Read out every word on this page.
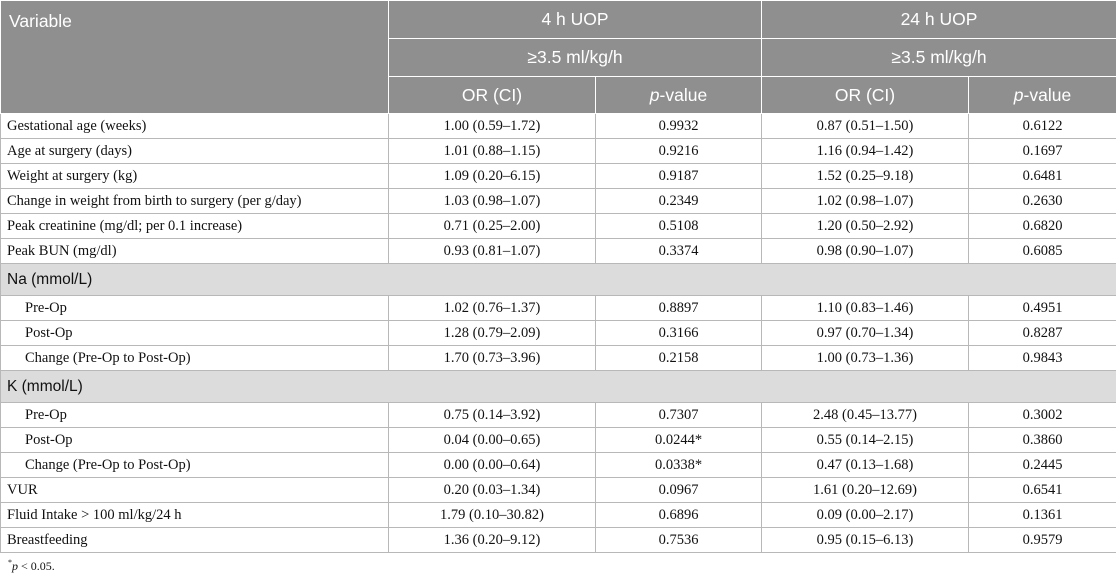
Variable	4 h UOP		24 h UOP	
	≥3.5 ml/kg/h		≥3.5 ml/kg/h	
	OR (CI)	p-value	OR (CI)	p-value
Gestational age (weeks)	1.00 (0.59–1.72)	0.9932	0.87 (0.51–1.50)	0.6122
Age at surgery (days)	1.01 (0.88–1.15)	0.9216	1.16 (0.94–1.42)	0.1697
Weight at surgery (kg)	1.09 (0.20–6.15)	0.9187	1.52 (0.25–9.18)	0.6481
Change in weight from birth to surgery (per g/day)	1.03 (0.98–1.07)	0.2349	1.02 (0.98–1.07)	0.2630
Peak creatinine (mg/dl; per 0.1 increase)	0.71 (0.25–2.00)	0.5108	1.20 (0.50–2.92)	0.6820
Peak BUN (mg/dl)	0.93 (0.81–1.07)	0.3374	0.98 (0.90–1.07)	0.6085
Na (mmol/L)				
Pre-Op	1.02 (0.76–1.37)	0.8897	1.10 (0.83–1.46)	0.4951
Post-Op	1.28 (0.79–2.09)	0.3166	0.97 (0.70–1.34)	0.8287
Change (Pre-Op to Post-Op)	1.70 (0.73–3.96)	0.2158	1.00 (0.73–1.36)	0.9843
K (mmol/L)				
Pre-Op	0.75 (0.14–3.92)	0.7307	2.48 (0.45–13.77)	0.3002
Post-Op	0.04 (0.00–0.65)	0.0244*	0.55 (0.14–2.15)	0.3860
Change (Pre-Op to Post-Op)	0.00 (0.00–0.64)	0.0338*	0.47 (0.13–1.68)	0.2445
VUR	0.20 (0.03–1.34)	0.0967	1.61 (0.20–12.69)	0.6541
Fluid Intake > 100 ml/kg/24 h	1.79 (0.10–30.82)	0.6896	0.09 (0.00–2.17)	0.1361
Breastfeeding	1.36 (0.20–9.12)	0.7536	0.95 (0.15–6.13)	0.9579
*p < 0.05.
